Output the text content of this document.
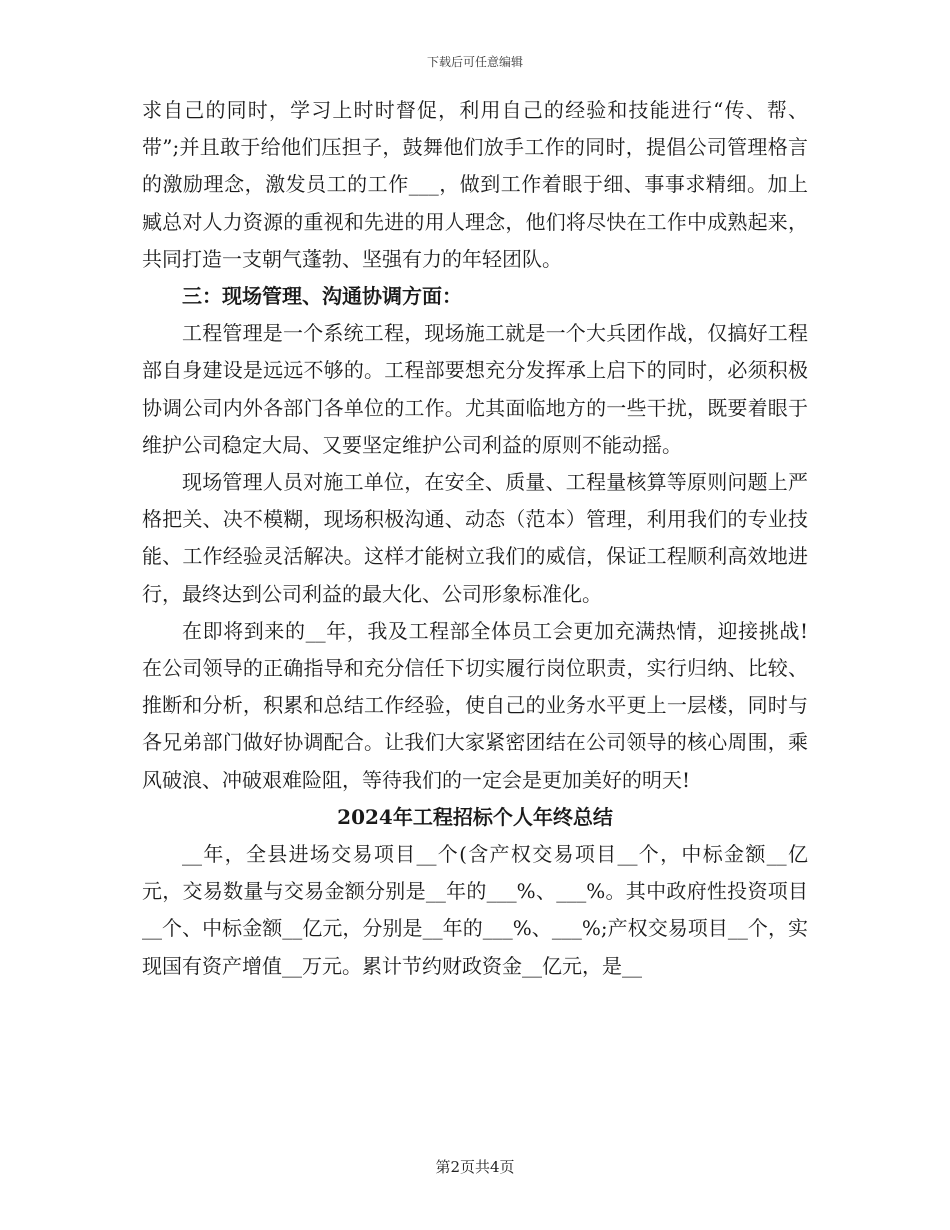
下载后可任意编辑

求自己的同时，学习上时时督促，利用自己的经验和技能进行“传、帮、带”;并且敢于给他们压担子，鼓舞他们放手工作的同时，提倡公司管理格言的激励理念，激发员工的工作___，做到工作着眼于细、事事求精细。加上臧总对人力资源的重视和先进的用人理念，他们将尽快在工作中成熟起来，共同打造一支朝气蓬勃、坚强有力的年轻团队。

三：现场管理、沟通协调方面：

工程管理是一个系统工程，现场施工就是一个大兵团作战，仅搞好工程部自身建设是远远不够的。工程部要想充分发挥承上启下的同时，必须积极协调公司内外各部门各单位的工作。尤其面临地方的一些干扰，既要着眼于维护公司稳定大局、又要坚定维护公司利益的原则不能动摇。

现场管理人员对施工单位，在安全、质量、工程量核算等原则问题上严格把关、决不模糊，现场积极沟通、动态（范本）管理，利用我们的专业技能、工作经验灵活解决。这样才能树立我们的威信，保证工程顺利高效地进行，最终达到公司利益的最大化、公司形象标准化。

在即将到来的__年，我及工程部全体员工会更加充满热情，迎接挑战!在公司领导的正确指导和充分信任下切实履行岗位职责，实行归纳、比较、推断和分析，积累和总结工作经验，使自己的业务水平更上一层楼，同时与各兄弟部门做好协调配合。让我们大家紧密团结在公司领导的核心周围，乘风破浪、冲破艰难险阻，等待我们的一定会是更加美好的明天!

2024年工程招标个人年终总结

__年，全县进场交易项目__个(含产权交易项目__个，中标金额__亿元，交易数量与交易金额分别是__年的___%、___%。其中政府性投资项目__个、中标金额__亿元，分别是__年的___%、___%;产权交易项目__个，实现国有资产增值__万元。累计节约财政资金__亿元，是__

第2页共4页
